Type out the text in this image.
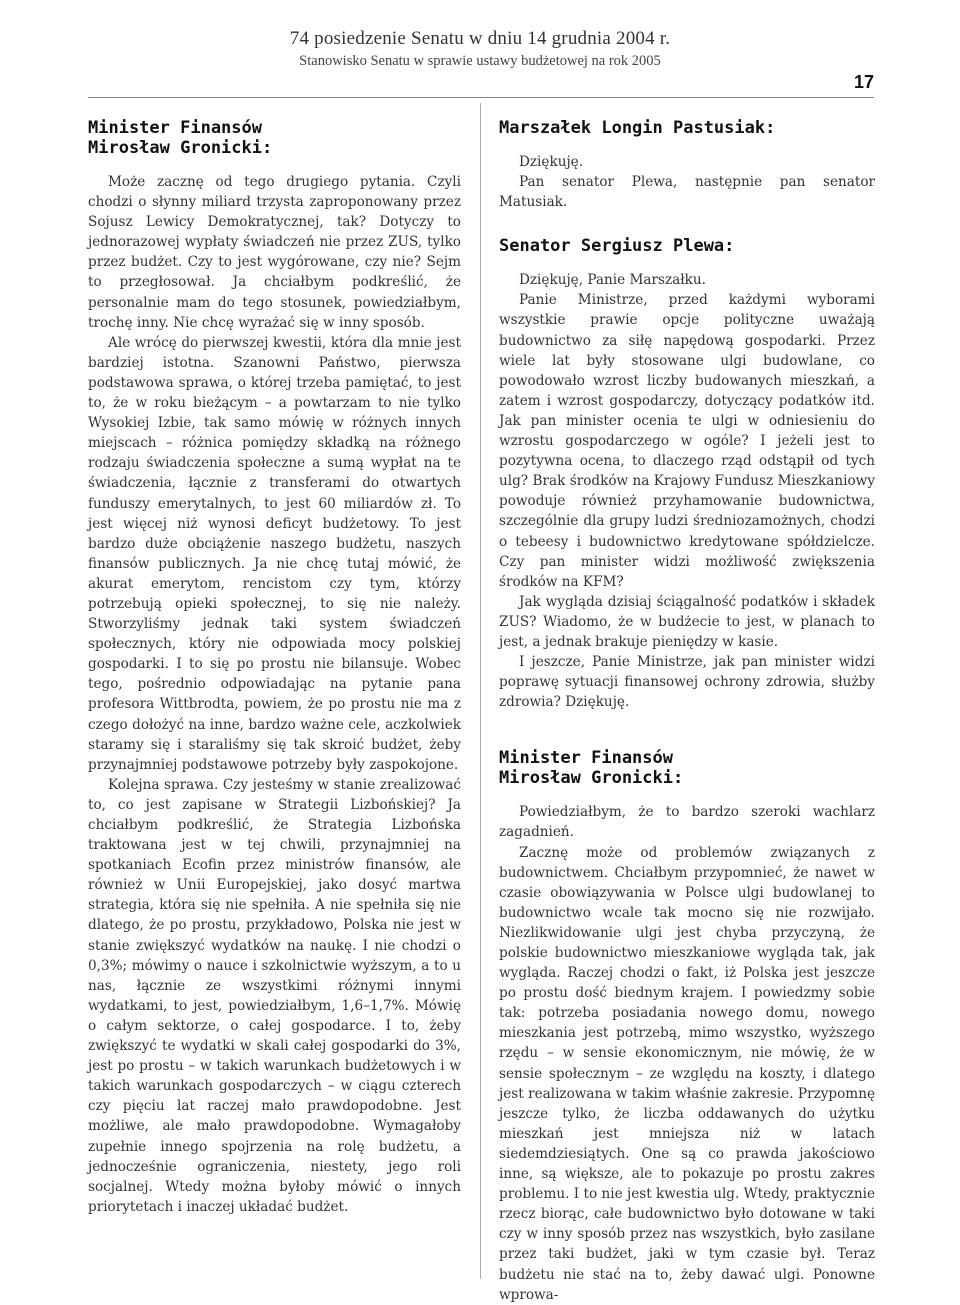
74 posiedzenie Senatu w dniu 14 grudnia 2004 r.
Stanowisko Senatu w sprawie ustawy budżetowej na rok 2005
17
Minister Finansów
Mirosław Gronicki:

Może zacznę od tego drugiego pytania. Czyli chodzi o słynny miliard trzysta zaproponowany przez Sojusz Lewicy Demokratycznej, tak? Dotyczy to jednorazowej wypłaty świadczeń nie przez ZUS, tylko przez budżet. Czy to jest wygórowane, czy nie? Sejm to przegłosował. Ja chciałbym podkreślić, że personalnie mam do tego stosunek, powiedziałbym, trochę inny. Nie chcę wyrażać się w inny sposób.

Ale wrócę do pierwszej kwestii, która dla mnie jest bardziej istotna. Szanowni Państwo, pierwsza podstawowa sprawa, o której trzeba pamiętać, to jest to, że w roku bieżącym – a powtarzam to nie tylko Wysokiej Izbie, tak samo mówię w różnych innych miejscach – różnica pomiędzy składką na różnego rodzaju świadczenia społeczne a sumą wypłat na te świadczenia, łącznie z transferami do otwartych funduszy emerytalnych, to jest 60 miliardów zł. To jest więcej niż wynosi deficyt budżetowy. To jest bardzo duże obciążenie naszego budżetu, naszych finansów publicznych. Ja nie chcę tutaj mówić, że akurat emerytom, rencistom czy tym, którzy potrzebują opieki społecznej, to się nie należy. Stworzyliśmy jednak taki system świadczeń społecznych, który nie odpowiada mocy polskiej gospodarki. I to się po prostu nie bilansuje. Wobec tego, pośrednio odpowiadając na pytanie pana profesora Wittbrodta, powiem, że po prostu nie ma z czego dołożyć na inne, bardzo ważne cele, aczkolwiek staramy się i staraliśmy się tak skroić budżet, żeby przynajmniej podstawowe potrzeby były zaspokojone.

Kolejna sprawa. Czy jesteśmy w stanie zrealizować to, co jest zapisane w Strategii Lizbońskiej? Ja chciałbym podkreślić, że Strategia Lizbońska traktowana jest w tej chwili, przynajmniej na spotkaniach Ecofin przez ministrów finansów, ale również w Unii Europejskiej, jako dosyć martwa strategia, która się nie spełniła. A nie spełniła się nie dlatego, że po prostu, przykładowo, Polska nie jest w stanie zwiększyć wydatków na naukę. I nie chodzi o 0,3%; mówimy o nauce i szkolnictwie wyższym, a to u nas, łącznie ze wszystkimi różnymi innymi wydatkami, to jest, powiedziałbym, 1,6–1,7%. Mówię o całym sektorze, o całej gospodarce. I to, żeby zwiększyć te wydatki w skali całej gospodarki do 3%, jest po prostu – w takich warunkach budżetowych i w takich warunkach gospodarczych – w ciągu czterech czy pięciu lat raczej mało prawdopodobne. Jest możliwe, ale mało prawdopodobne. Wymagałoby zupełnie innego spojrzenia na rolę budżetu, a jednocześnie ograniczenia, niestety, jego roli socjalnej. Wtedy można byłoby mówić o innych priorytetach i inaczej układać budżet.

Marszałek Longin Pastusiak:

Dziękuję.

Pan senator Plewa, następnie pan senator Matusiak.

Senator Sergiusz Plewa:

Dziękuję, Panie Marszałku.

Panie Ministrze, przed każdymi wyborami wszystkie prawie opcje polityczne uważają budownictwo za siłę napędową gospodarki. Przez wiele lat były stosowane ulgi budowlane, co powodowało wzrost liczby budowanych mieszkań, a zatem i wzrost gospodarczy, dotyczący podatków itd. Jak pan minister ocenia te ulgi w odniesieniu do wzrostu gospodarczego w ogóle? I jeżeli jest to pozytywna ocena, to dlaczego rząd odstąpił od tych ulg? Brak środków na Krajowy Fundusz Mieszkaniowy powoduje również przyhamowanie budownictwa, szczególnie dla grupy ludzi średniozamożnych, chodzi o tebeesy i budownictwo kredytowane spółdzielcze. Czy pan minister widzi możliwość zwiększenia środków na KFM?

Jak wygląda dzisiaj ściągalność podatków i składek ZUS? Wiadomo, że w budżecie to jest, w planach to jest, a jednak brakuje pieniędzy w kasie.

I jeszcze, Panie Ministrze, jak pan minister widzi poprawę sytuacji finansowej ochrony zdrowia, służby zdrowia? Dziękuję.

Minister Finansów
Mirosław Gronicki:

Powiedziałbym, że to bardzo szeroki wachlarz zagadnień.

Zacznę może od problemów związanych z budownictwem. Chciałbym przypomnieć, że nawet w czasie obowiązywania w Polsce ulgi budowlanej to budownictwo wcale tak mocno się nie rozwijało. Niezlikwidowanie ulgi jest chyba przyczyną, że polskie budownictwo mieszkaniowe wygląda tak, jak wygląda. Raczej chodzi o fakt, iż Polska jest jeszcze po prostu dość biednym krajem. I powiedzmy sobie tak: potrzeba posiadania nowego domu, nowego mieszkania jest potrzebą, mimo wszystko, wyższego rzędu – w sensie ekonomicznym, nie mówię, że w sensie społecznym – ze względu na koszty, i dlatego jest realizowana w takim właśnie zakresie. Przypomnę jeszcze tylko, że liczba oddawanych do użytku mieszkań jest mniejsza niż w latach siedemdziesiątych. One są co prawda jakościowo inne, są większe, ale to pokazuje po prostu zakres problemu. I to nie jest kwestia ulg. Wtedy, praktycznie rzecz biorąc, całe budownictwo było dotowane w taki czy w inny sposób przez nas wszystkich, było zasilane przez taki budżet, jaki w tym czasie był. Teraz budżetu nie stać na to, żeby dawać ulgi. Ponowne wprowa-
